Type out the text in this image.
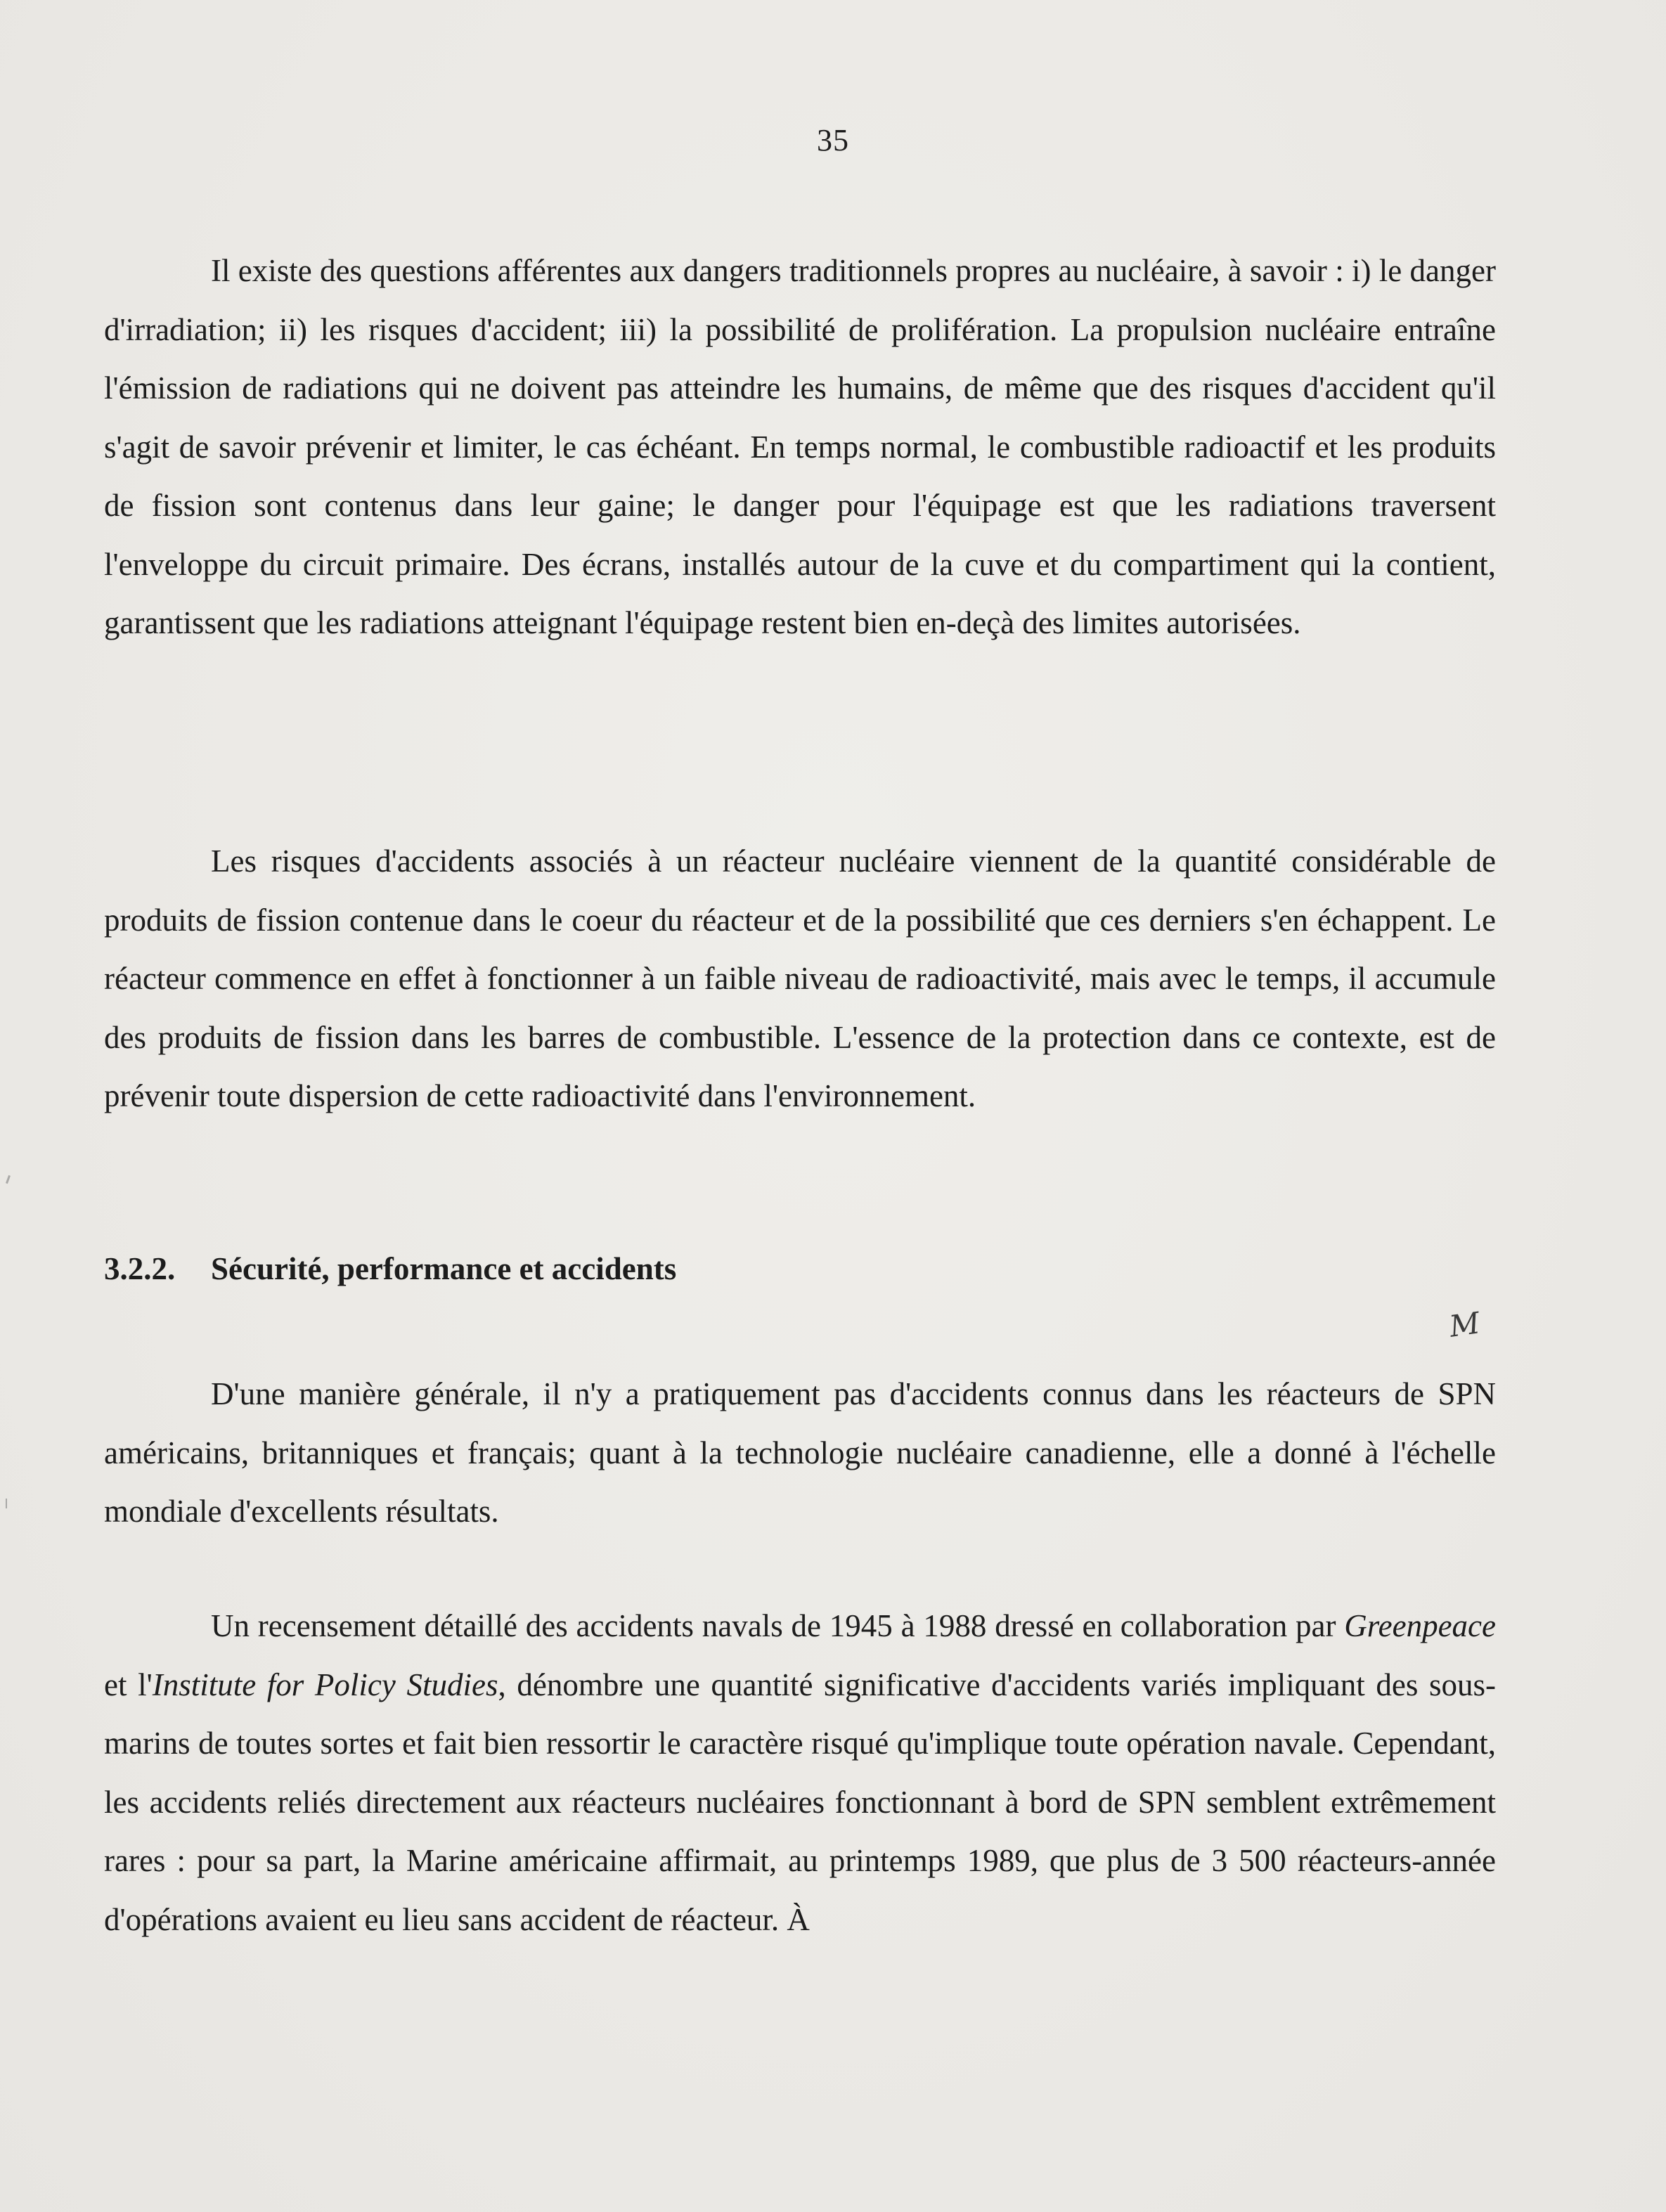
35

Il existe des questions afférentes aux dangers traditionnels propres au nucléaire, à savoir : i) le danger d'irradiation; ii) les risques d'accident; iii) la possibilité de prolifération. La propulsion nucléaire entraîne l'émission de radiations qui ne doivent pas atteindre les humains, de même que des risques d'accident qu'il s'agit de savoir prévenir et limiter, le cas échéant. En temps normal, le combustible radioactif et les produits de fission sont contenus dans leur gaine; le danger pour l'équipage est que les radiations traversent l'enveloppe du circuit primaire. Des écrans, installés autour de la cuve et du compartiment qui la contient, garantissent que les radiations atteignant l'équipage restent bien en-deçà des limites autorisées.

Les risques d'accidents associés à un réacteur nucléaire viennent de la quantité considérable de produits de fission contenue dans le coeur du réacteur et de la possibilité que ces derniers s'en échappent. Le réacteur commence en effet à fonctionner à un faible niveau de radioactivité, mais avec le temps, il accumule des produits de fission dans les barres de combustible. L'essence de la protection dans ce contexte, est de prévenir toute dispersion de cette radioactivité dans l'environnement.

3.2.2. Sécurité, performance et accidents
M

D'une manière générale, il n'y a pratiquement pas d'accidents connus dans les réacteurs de SPN américains, britanniques et français; quant à la technologie nucléaire canadienne, elle a donné à l'échelle mondiale d'excellents résultats.

Un recensement détaillé des accidents navals de 1945 à 1988 dressé en collaboration par Greenpeace et l'Institute for Policy Studies, dénombre une quantité significative d'accidents variés impliquant des sous-marins de toutes sortes et fait bien ressortir le caractère risqué qu'implique toute opération navale. Cependant, les accidents reliés directement aux réacteurs nucléaires fonctionnant à bord de SPN semblent extrêmement rares : pour sa part, la Marine américaine affirmait, au printemps 1989, que plus de 3 500 réacteurs-année d'opérations avaient eu lieu sans accident de réacteur. À
